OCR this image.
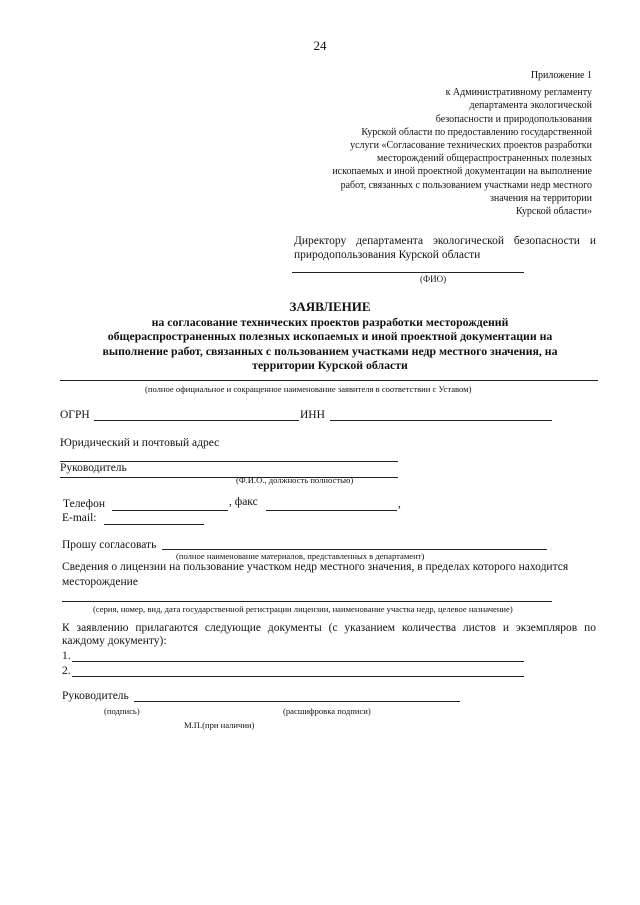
24
Приложение 1
к Административному регламенту
департамента экологической
безопасности и природопользования
Курской области по предоставлению государственной
услуги «Согласование технических проектов разработки
месторождений общераспространенных полезных
ископаемых и иной проектной документации на выполнение
работ, связанных с пользованием участками недр местного
значения на территории
Курской области»
Директору департамента экологической безопасности и
природопользования Курской области
(ФИО)
ЗАЯВЛЕНИЕ
на согласование технических проектов разработки месторождений
общераспространенных полезных ископаемых и иной проектной документации на
выполнение работ, связанных с пользованием участками недр местного значения, на
территории Курской области
(полное официальное и сокращенное наименование заявителя в соответствии с Уставом)
ОГРН	ИНН
Юридический и почтовый адрес
Руководитель
(Ф.И.О., должность полностью)
Телефон	, факс	,
E-mail:
Прошу согласовать
(полное наименование материалов, представленных в департамент)
Сведения о лицензии на пользование участком недр местного значения, в пределах которого находится
месторождение
(серия, номер, вид, дата государственной регистрации лицензии, наименование участка недр, целевое назначение)
К заявлению прилагаются следующие документы (с указанием количества листов и экземпляров по
каждому документу):
1.
2.
Руководитель
(подпись)	(расшифровка подписи)
М.П.(при наличии)
